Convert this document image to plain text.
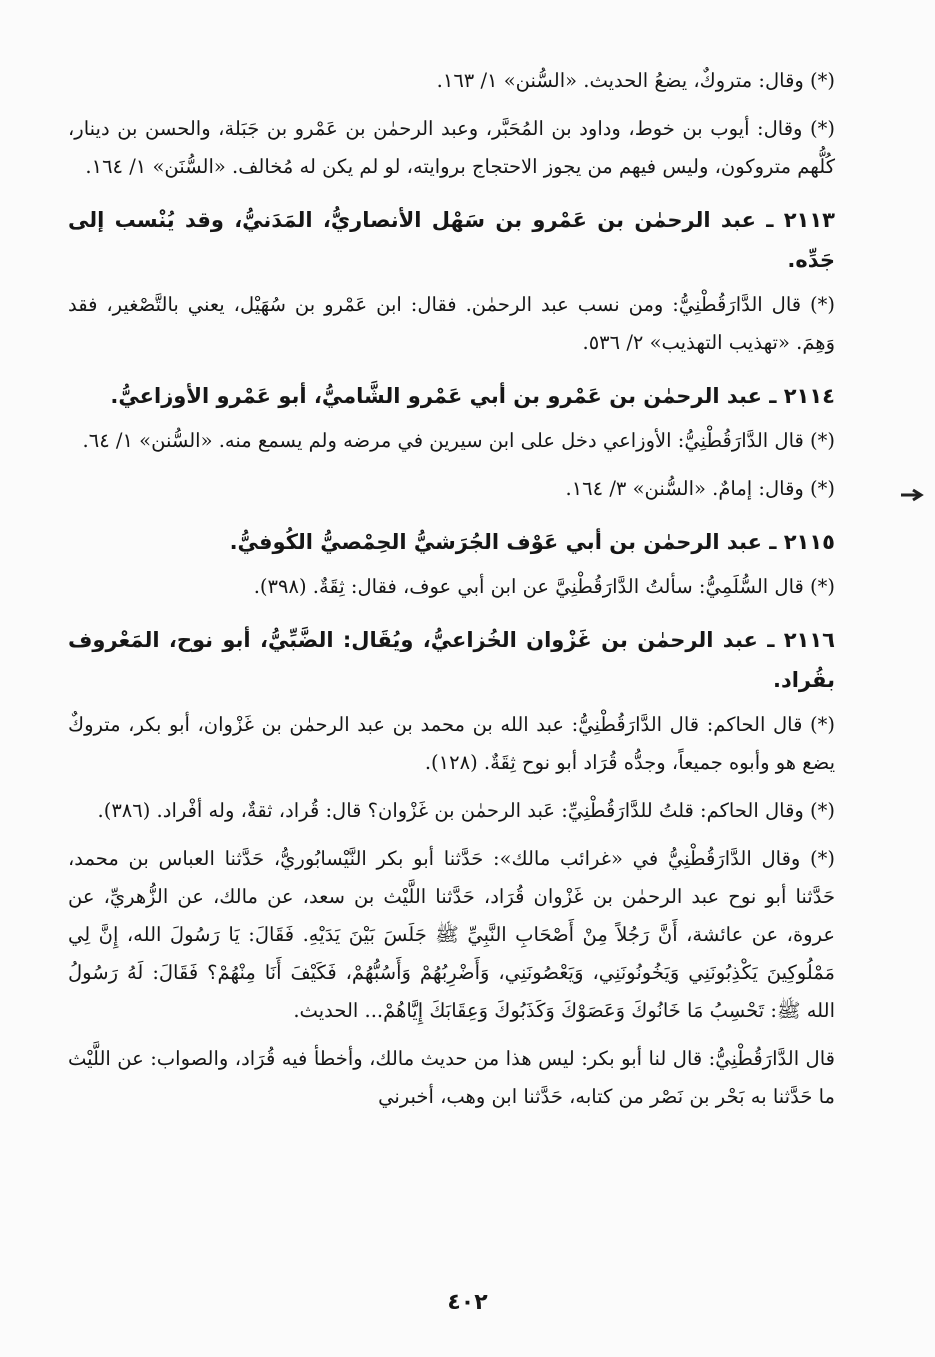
(*) وقال: متروكٌ، يضعُ الحديث. «السُّنن» ١/ ١٦٣.

(*) وقال: أيوب بن خوط، وداود بن المُحَبَّر، وعبد الرحمٰن بن عَمْرو بن جَبَلة، والحسن بن دينار، كُلُّهم متروكون، وليس فيهم من يجوز الاحتجاج بروايته، لو لم يكن له مُخالف. «السُّنَن» ١/ ١٦٤.

٢١١٣ ـ عبد الرحمٰن بن عَمْرو بن سَهْل الأنصاريُّ، المَدَنيُّ، وقد يُنْسب إلى جَدِّه.

(*) قال الدَّارَقُطْنِيُّ: ومن نسب عبد الرحمٰن. فقال: ابن عَمْرو بن سُهَيْل، يعني بالتَّصْغير، فقد وَهِمَ. «تهذيب التهذيب» ٢/ ٥٣٦.

٢١١٤ ـ عبد الرحمٰن بن عَمْرو بن أبي عَمْرو الشَّاميُّ، أبو عَمْرو الأوزاعيُّ.

(*) قال الدَّارَقُطْنِيُّ: الأوزاعي دخل على ابن سيرين في مرضه ولم يسمع منه. «السُّنن» ١/ ٦٤.

(*) وقال: إمامٌ. «السُّنن» ٣/ ١٦٤.

٢١١٥ ـ عبد الرحمٰن بن أبي عَوْف الجُرَشيُّ الحِمْصيُّ الكُوفيُّ.

(*) قال السُّلَمِيُّ: سألتُ الدَّارَقُطْنِيَّ عن ابن أبي عوف، فقال: ثِقَةٌ. (٣٩٨).

٢١١٦ ـ عبد الرحمٰن بن غَزْوان الخُزاعيُّ، ويُقَال: الضَّبِّيُّ، أبو نوح، المَعْروف بقُراد.

(*) قال الحاكم: قال الدَّارَقُطْنِيُّ: عبد الله بن محمد بن عبد الرحمٰن بن غَزْوان، أبو بكر، متروكٌ يضع هو وأبوه جميعاً، وجدُّه قُرَاد أبو نوح ثِقَةٌ. (١٢٨).

(*) وقال الحاكم: قلتُ للدَّارَقُطْنِيِّ: عَبد الرحمٰن بن غَزْوان؟ قال: قُراد، ثقةٌ، وله أفْراد. (٣٨٦).

(*) وقال الدَّارَقُطْنِيُّ في «غرائب مالك»: حَدَّثنا أبو بكر النَّيْسابُوريُّ، حَدَّثنا العباس بن محمد، حَدَّثنا أبو نوح عبد الرحمٰن بن غَزْوان قُرَاد، حَدَّثنا اللَّيْث بن سعد، عن مالك، عن الزُّهريِّ، عن عروة، عن عائشة، أَنَّ رَجُلاً مِنْ أَصْحَابِ النَّبِيِّ ﷺ جَلَسَ بَيْنَ يَدَيْهِ. فَقَالَ: يَا رَسُولَ الله، إِنَّ لِي مَمْلُوكِينَ يَكْذِبُونَنِي وَيَخُونُونَنِي، وَيَعْصُونَنِي، وَأَضْرِبُهُمْ وَأَسُبُّهُمْ، فَكَيْفَ أَنَا مِنْهُمْ؟ فَقَالَ: لَهُ رَسُولُ الله ﷺ: تَحْسِبُ مَا خَانُوكَ وَعَصَوْكَ وَكَذَبُوكَ وَعِقَابَكَ إِيَّاهُمْ... الحديث.

قال الدَّارَقُطْنِيُّ: قال لنا أبو بكر: ليس هذا من حديث مالك، وأخطأ فيه قُرَاد، والصواب: عن اللَّيْث ما حَدَّثنا به بَحْر بن نَصْر من كتابه، حَدَّثنا ابن وهب، أخبرني

٤٠٢
